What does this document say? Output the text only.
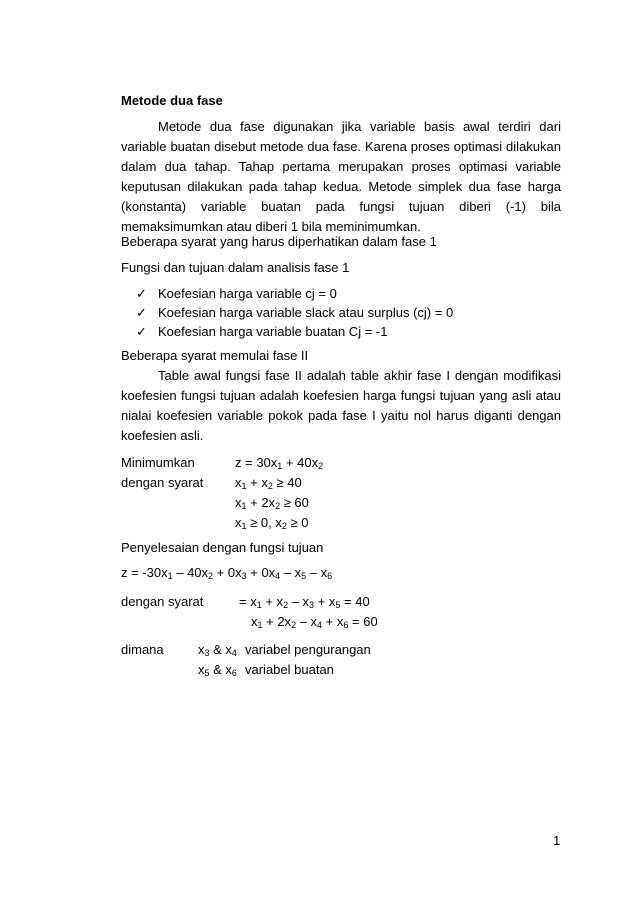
Metode dua fase
Metode dua fase digunakan jika variable basis awal terdiri dari variable buatan disebut metode dua fase. Karena proses optimasi dilakukan dalam dua tahap. Tahap pertama merupakan proses optimasi variable keputusan dilakukan pada tahap kedua. Metode simplek dua fase harga (konstanta) variable buatan pada fungsi tujuan diberi (-1) bila memaksimumkan atau diberi 1 bila meminimumkan.
Beberapa syarat yang harus diperhatikan dalam fase 1
Fungsi dan tujuan dalam analisis fase 1
✓ Koefesian harga variable cj = 0
✓ Koefesian harga variable slack atau surplus (cj) = 0
✓ Koefesian harga variable buatan Cj = -1
Beberapa syarat memulai fase II
Table awal fungsi fase II adalah table akhir fase I dengan modifikasi koefesien fungsi tujuan adalah koefesien harga fungsi tujuan yang asli atau nialai koefesien variable pokok pada fase I yaitu nol harus diganti dengan koefesien asli.
Minimumkan	$z = 30x_1 + 40x_2$
dengan syarat $x_1 + x_2 \ge 40$
$x_1 + 2x_2 \ge 60$
$x_1 \ge 0$, $x_2 \ge 0$
Penyelesaian dengan fungsi tujuan
$z = -30x_1 - 40x_2 + 0x_3 + 0x_4 - x_5 - x_6$
dengan syarat	= $x_1 + x_2 - x_3 + x_5 = 40$
$x_1 + 2x_2 - x_4 + x_6 = 60$
dimana	$x_3$ & $x_4$ variabel pengurangan
$x_5$ & $x_6$ variabel buatan
1
